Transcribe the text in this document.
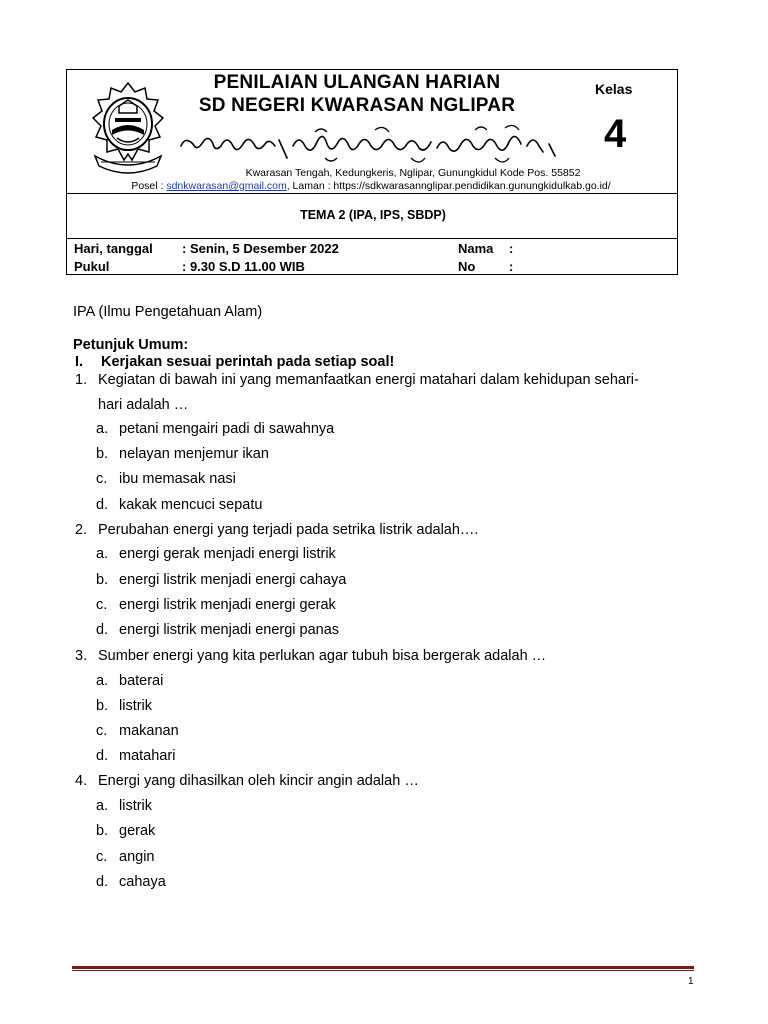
PENILAIAN ULANGAN HARIAN
SD NEGERI KWARASAN NGLIPAR
Kelas
4
Kwarasan Tengah, Kedungkeris, Nglipar, Gunungkidul Kode Pos. 55852
Posel : sdnkwarasan@gmail.com, Laman : https://sdkwarasannglipar.pendidikan.gunungkidulkab.go.id/
TEMA 2 (IPA, IPS, SBDP)
Hari, tanggal : Senin, 5 Desember 2022	Nama :
Pukul	: 9.30 S.D 11.00 WIB	No	:
IPA (Ilmu Pengetahuan Alam)
Petunjuk Umum:
I. Kerjakan sesuai perintah pada setiap soal!
1. Kegiatan di bawah ini yang memanfaatkan energi matahari dalam kehidupan sehari-
hari adalah …
a. petani mengairi padi di sawahnya
b. nelayan menjemur ikan
c. ibu memasak nasi
d. kakak mencuci sepatu
2. Perubahan energi yang terjadi pada setrika listrik adalah….
a. energi gerak menjadi energi listrik
b. energi listrik menjadi energi cahaya
c. energi listrik menjadi energi gerak
d. energi listrik menjadi energi panas
3. Sumber energi yang kita perlukan agar tubuh bisa bergerak adalah …
a. baterai
b. listrik
c. makanan
d. matahari
4. Energi yang dihasilkan oleh kincir angin adalah …
a. listrik
b. gerak
c. angin
d. cahaya
1
